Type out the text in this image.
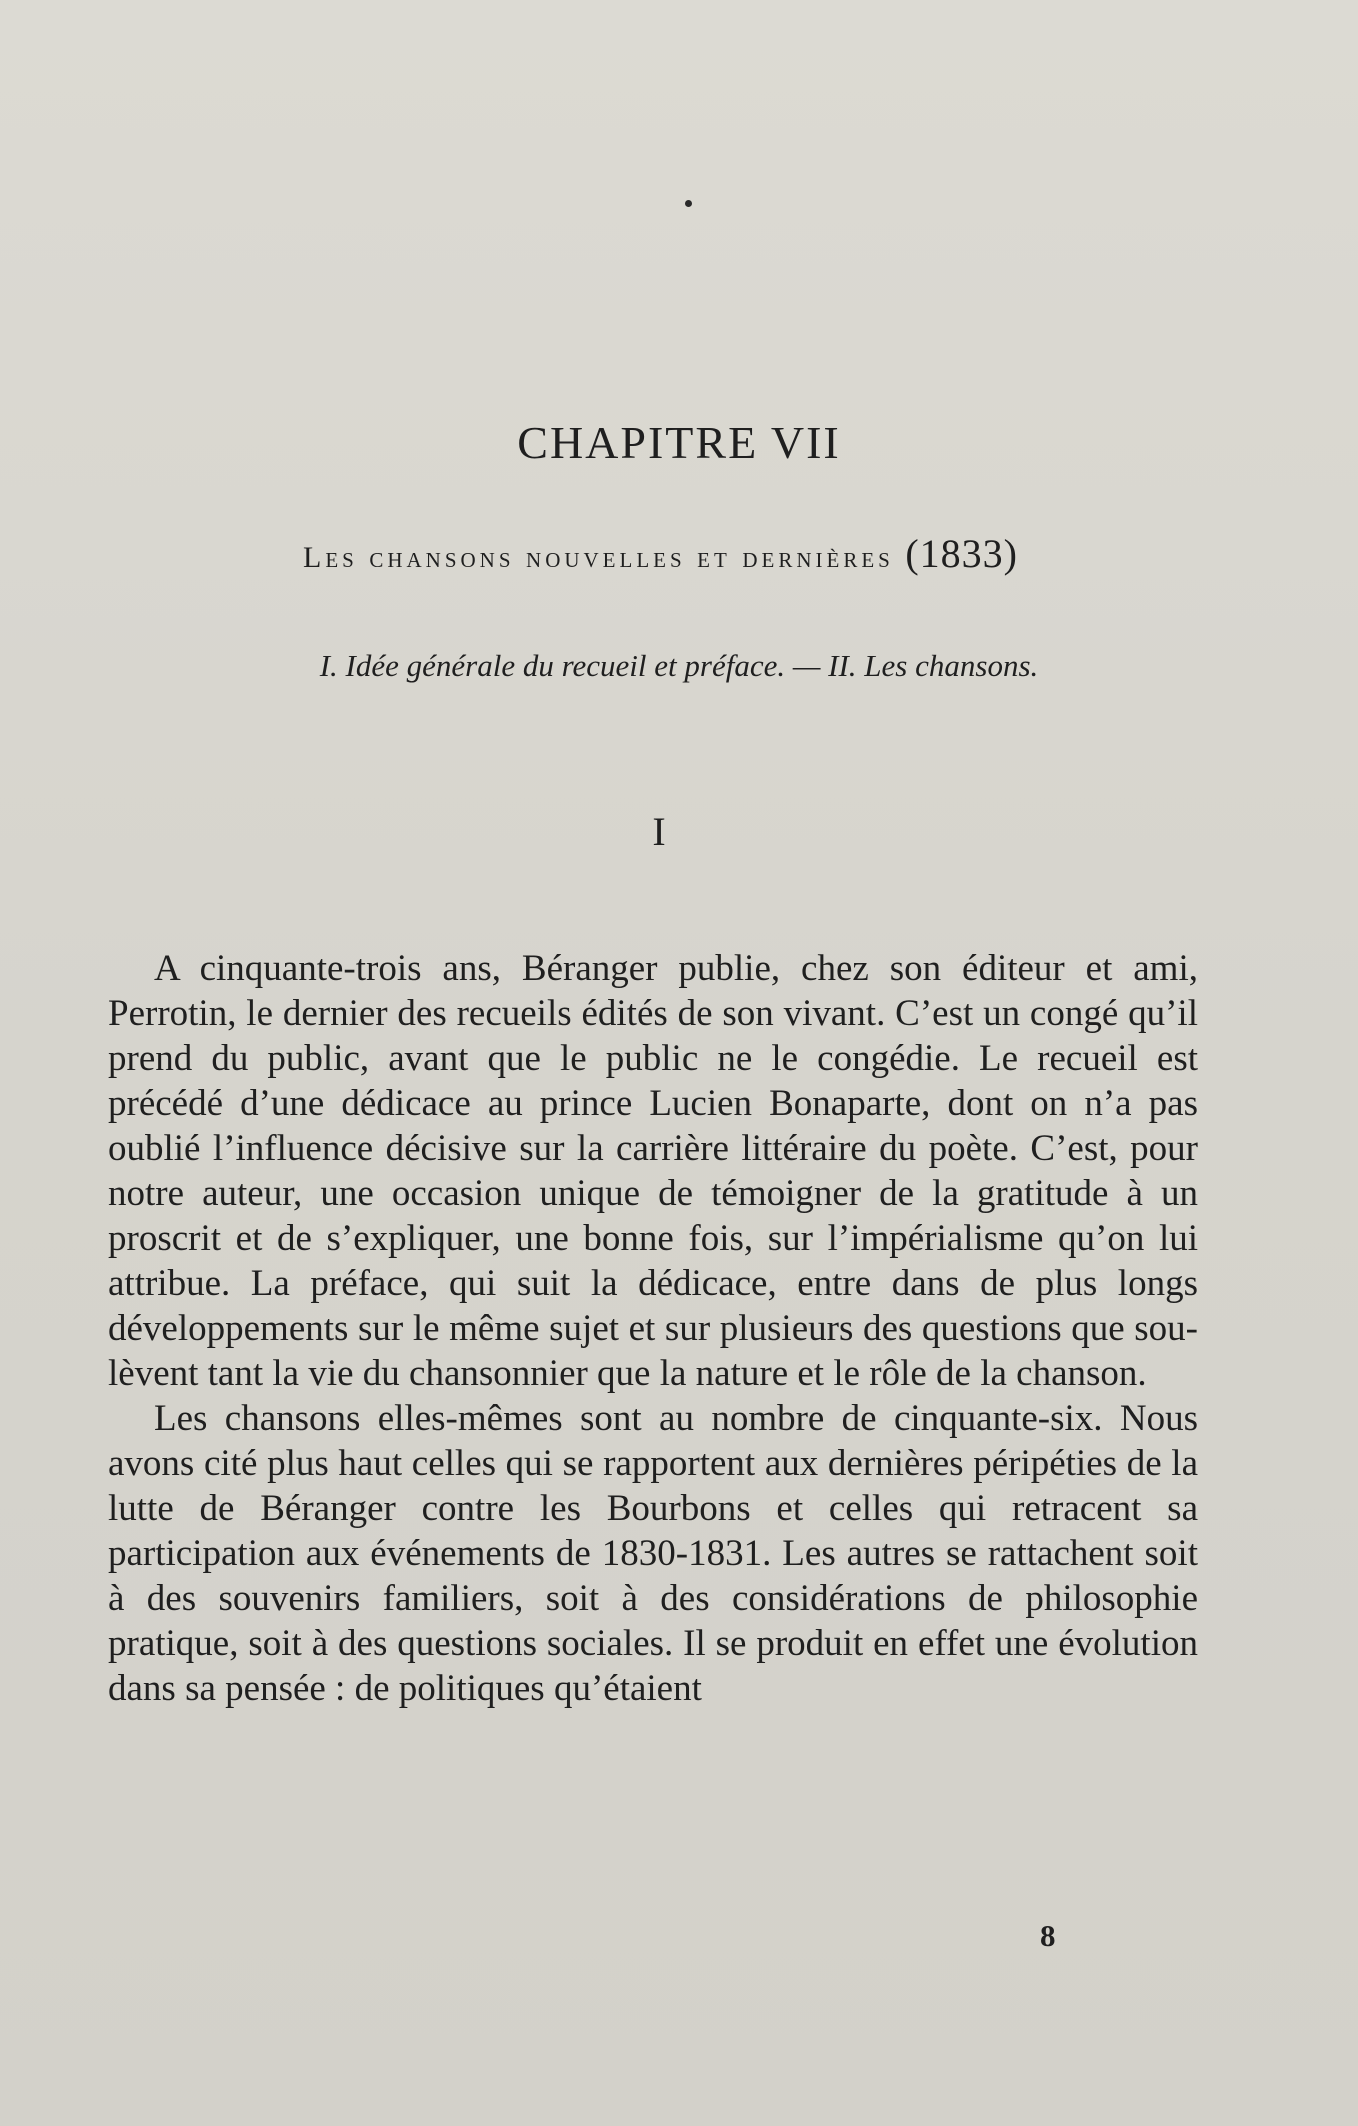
CHAPITRE VII
Les chansons nouvelles et dernières (1833)
I. Idée générale du recueil et préface. — II. Les chansons.
I

A cinquante-trois ans, Béranger publie, chez son éditeur et ami, Perrotin, le dernier des recueils édités de son vivant. C’est un congé qu’il prend du public, avant que le public ne le congédie. Le recueil est précédé d’une dédicace au prince Lucien Bonaparte, dont on n’a pas oublié l’influence décisive sur la carrière littéraire du poète. C’est, pour notre auteur, une occasion unique de témoigner de la gratitude à un proscrit et de s’expliquer, une bonne fois, sur l’impérialisme qu’on lui attribue. La préface, qui suit la dédicace, entre dans de plus longs développements sur le même sujet et sur plusieurs des questions que soulèvent tant la vie du chansonnier que la nature et le rôle de la chanson.

Les chansons elles-mêmes sont au nombre de cinquante-six. Nous avons cité plus haut celles qui se rapportent aux dernières péripéties de la lutte de Béranger contre les Bourbons et celles qui retracent sa participation aux événements de 1830-1831. Les autres se rattachent soit à des souvenirs familiers, soit à des considérations de philosophie pratique, soit à des questions sociales. Il se produit en effet une évolution dans sa pensée : de politiques qu’étaient

8
